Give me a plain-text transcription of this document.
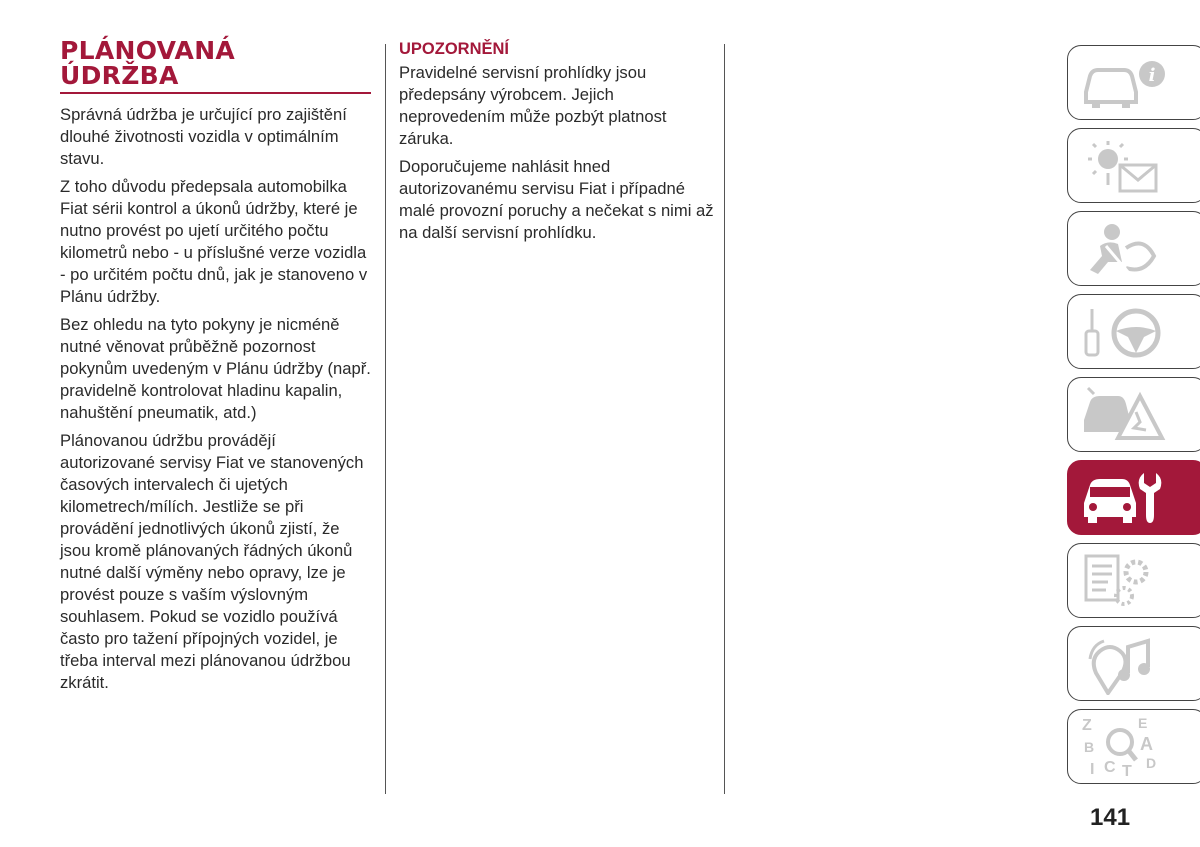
PLÁNOVANÁ
ÚDRŽBA

Správná údržba je určující pro zajištění dlouhé životnosti vozidla v optimálním stavu.

Z toho důvodu předepsala automobilka Fiat sérii kontrol a úkonů údržby, které je nutno provést po ujetí určitého počtu kilometrů nebo - u příslušné verze vozidla - po určitém počtu dnů, jak je stanoveno v Plánu údržby.

Bez ohledu na tyto pokyny je nicméně nutné věnovat průběžně pozornost pokynům uvedeným v Plánu údržby (např. pravidelně kontrolovat hladinu kapalin, nahuštění pneumatik, atd.)

Plánovanou údržbu provádějí autorizované servisy Fiat ve stanovených časových intervalech či ujetých kilometrech/mílích. Jestliže se při provádění jednotlivých úkonů zjistí, že jsou kromě plánovaných řádných úkonů nutné další výměny nebo opravy, lze je provést pouze s vaším výslovným souhlasem. Pokud se vozidlo používá často pro tažení přípojných vozidel, je třeba interval mezi plánovanou údržbou zkrátit.

UPOZORNĚNÍ

Pravidelné servisní prohlídky jsou předepsány výrobcem. Jejich neprovedením může pozbýt platnost záruka.

Doporučujeme nahlásit hned autorizovanému servisu Fiat i případné malé provozní poruchy a nečekat s nimi až na další servisní prohlídku.

i
Z	E
B	A
I C T D
141
